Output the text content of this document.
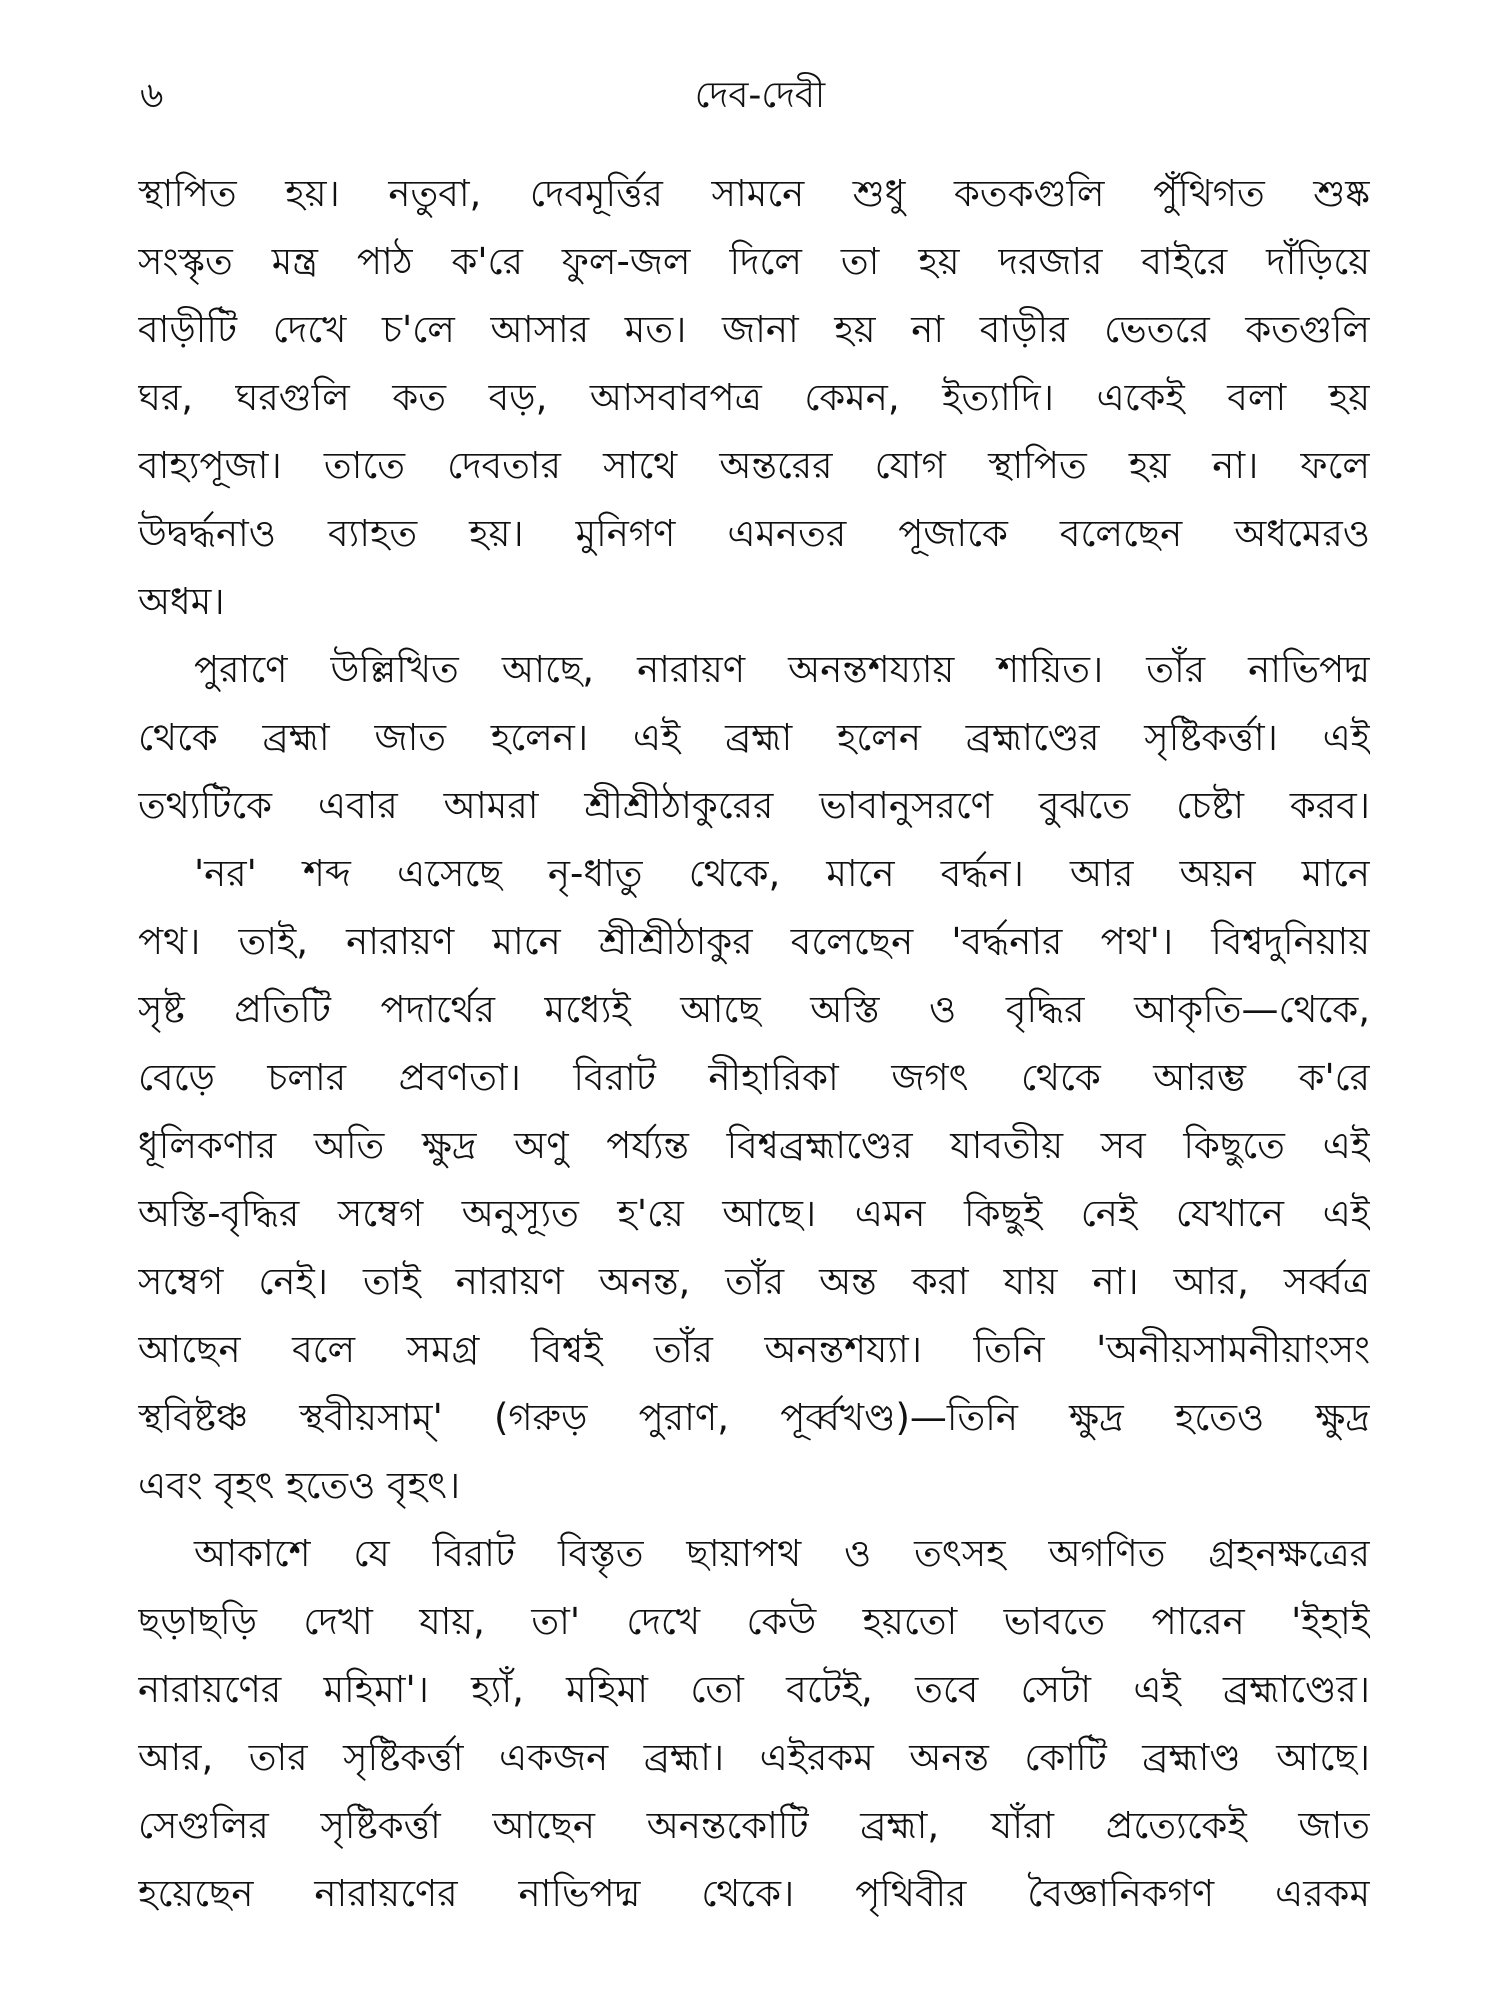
৬	দেব-দেবী
স্থাপিত হয়। নতুবা, দেবমূর্ত্তির সামনে শুধু কতকগুলি পুঁথিগত শুষ্ক
সংস্কৃত মন্ত্র পাঠ ক'রে ফুল-জল দিলে তা হয় দরজার বাইরে দাঁড়িয়ে
বাড়ীটি দেখে চ'লে আসার মত। জানা হয় না বাড়ীর ভেতরে কতগুলি
ঘর, ঘরগুলি কত বড়, আসবাবপত্র কেমন, ইত্যাদি। একেই বলা হয়
বাহ্যপূজা। তাতে দেবতার সাথে অন্তরের যোগ স্থাপিত হয় না। ফলে
উদ্বর্দ্ধনাও ব্যাহত হয়। মুনিগণ এমনতর পূজাকে বলেছেন অধমেরও
অধম।
পুরাণে উল্লিখিত আছে, নারায়ণ অনন্তশয্যায় শায়িত। তাঁর নাভিপদ্ম
থেকে ব্রহ্মা জাত হলেন। এই ব্রহ্মা হলেন ব্রহ্মাণ্ডের সৃষ্টিকর্ত্তা। এই
তথ্যটিকে এবার আমরা শ্রীশ্রীঠাকুরের ভাবানুসরণে বুঝতে চেষ্টা করব।
'নর' শব্দ এসেছে নৃ-ধাতু থেকে, মানে বর্দ্ধন। আর অয়ন মানে
পথ। তাই, নারায়ণ মানে শ্রীশ্রীঠাকুর বলেছেন 'বর্দ্ধনার পথ'। বিশ্বদুনিয়ায়
সৃষ্ট প্রতিটি পদার্থের মধ্যেই আছে অস্তি ও বৃদ্ধির আকৃতি—থেকে,
বেড়ে চলার প্রবণতা। বিরাট নীহারিকা জগৎ থেকে আরম্ভ ক'রে
ধূলিকণার অতি ক্ষুদ্র অণু পর্য্যন্ত বিশ্বব্রহ্মাণ্ডের যাবতীয় সব কিছুতে এই
অস্তি-বৃদ্ধির সম্বেগ অনুস্যূত হ'য়ে আছে। এমন কিছুই নেই যেখানে এই
সম্বেগ নেই। তাই নারায়ণ অনন্ত, তাঁর অন্ত করা যায় না। আর, সর্ব্বত্র
আছেন বলে সমগ্র বিশ্বই তাঁর অনন্তশয্যা। তিনি 'অনীয়সামনীয়াংসং
স্থবিষ্টঞ্চ স্থবীয়সাম্' (গরুড় পুরাণ, পূর্ব্বখণ্ড)—তিনি ক্ষুদ্র হতেও ক্ষুদ্র
এবং বৃহৎ হতেও বৃহৎ।
আকাশে যে বিরাট বিস্তৃত ছায়াপথ ও তৎসহ অগণিত গ্রহনক্ষত্রের
ছড়াছড়ি দেখা যায়, তা' দেখে কেউ হয়তো ভাবতে পারেন 'ইহাই
নারায়ণের মহিমা'। হ্যাঁ, মহিমা তো বটেই, তবে সেটা এই ব্রহ্মাণ্ডের।
আর, তার সৃষ্টিকর্ত্তা একজন ব্রহ্মা। এইরকম অনন্ত কোটি ব্রহ্মাণ্ড আছে।
সেগুলির সৃষ্টিকর্ত্তা আছেন অনন্তকোটি ব্রহ্মা, যাঁরা প্রত্যেকেই জাত
হয়েছেন নারায়ণের নাভিপদ্ম থেকে। পৃথিবীর বৈজ্ঞানিকগণ এরকম
